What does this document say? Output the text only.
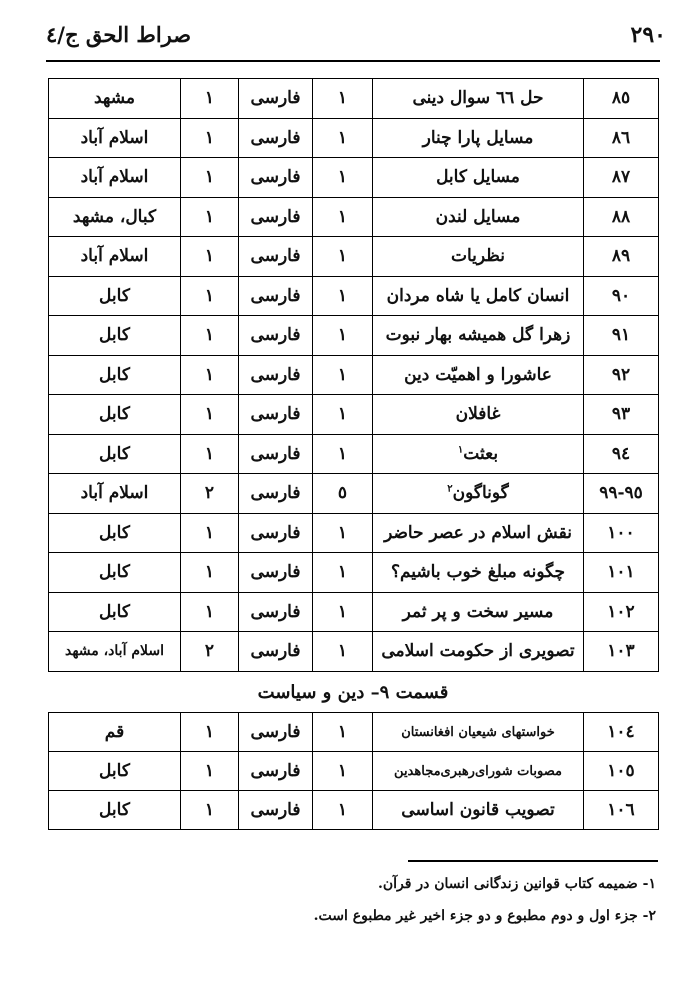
۲۹۰
صراط الحق ج/٤
۸٥	حل ٦٦ سوال دینی	۱	فارسی	۱	مشهد
۸٦	مسایل پارا چنار	۱	فارسی	۱	اسلام آباد
۸۷	مسایل کابل	۱	فارسی	۱	اسلام آباد
۸۸	مسایل لندن	۱	فارسی	۱	کبال، مشهد
۸۹	نظریات	۱	فارسی	۱	اسلام آباد
۹۰	انسان کامل یا شاه مردان	۱	فارسی	۱	کابل
۹۱	زهرا گل همیشه بهار نبوت	۱	فارسی	۱	کابل
۹۲	عاشورا و اهمیّت دین	۱	فارسی	۱	کابل
۹۳	غافلان	۱	فارسی	۱	کابل
۹٤	بعثت$^۱$	۱	فارسی	۱	کابل
۹٥-۹۹	گوناگون$^۲$	٥	فارسی	۲	اسلام آباد
۱۰۰	نقش اسلام در عصر حاضر	۱	فارسی	۱	کابل
۱۰۱	چگونه مبلغ خوب باشیم؟	۱	فارسی	۱	کابل
۱۰۲	مسیر سخت و پر ثمر	۱	فارسی	۱	کابل
۱۰۳	تصویری از حکومت اسلامی	۱	فارسی	۲	اسلام آباد، مشهد
قسمت ۹– دین و سیاست
۱۰٤	خواستهای شیعیان افغانستان	۱	فارسی	۱	قم
۱۰٥	مصوبات شورای‌رهبری‌مجاهدین	۱	فارسی	۱	کابل
۱۰٦	تصویب قانون اساسی	۱	فارسی	۱	کابل
۱- ضمیمه کتاب قوانین زندگانی انسان در قرآن.
۲- جزء اول و دوم مطبوع و دو جزء اخیر غیر مطبوع است.
